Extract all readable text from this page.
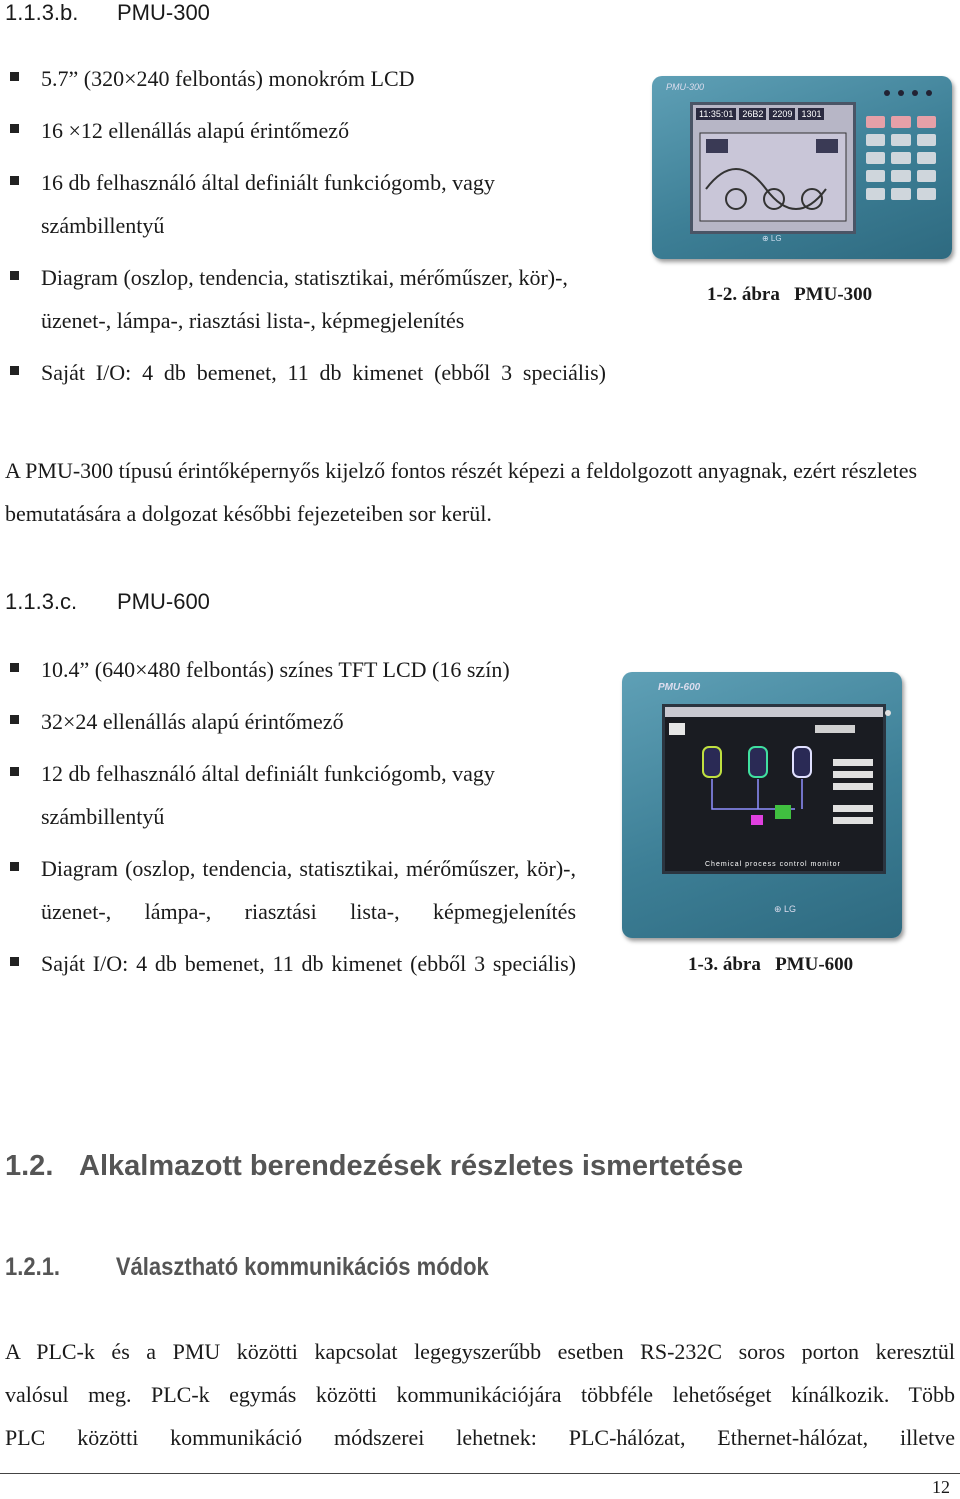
1.1.3.b. PMU-300
5.7” (320×240 felbontás) monokróm LCD
16 ×12 ellenállás alapú érintőmező
16 db felhasználó által definiált funkciógomb, vagy számbillentyű
Diagram (oszlop, tendencia, statisztikai, mérőműszer, kör)-, üzenet-, lámpa-, riasztási lista-, képmegjelenítés
Saját I/O: 4 db bemenet, 11 db kimenet (ebből 3 speciális)
PMU-300
11:35:01	26B2	2209	1301
⊕ LG
1-2. ábra   PMU-300
A PMU-300 típusú érintőképernyős kijelző fontos részét képezi a feldolgozott anyagnak, ezért részletes bemutatására a dolgozat későbbi fejezeteiben sor kerül.
1.1.3.c. PMU-600
10.4” (640×480 felbontás) színes TFT LCD (16 szín)
32×24 ellenállás alapú érintőmező
12 db felhasználó által definiált funkciógomb, vagy számbillentyű
Diagram (oszlop, tendencia, statisztikai, mérőműszer, kör)-, üzenet-, lámpa-, riasztási lista-, képmegjelenítés
Saját I/O: 4 db bemenet, 11 db kimenet (ebből 3 speciális)
PMU-600
Chemical process control monitor
⊕ LG
1-3. ábra   PMU-600
1.2. Alkalmazott berendezések részletes ismertetése
1.2.1. Választható kommunikációs módok
A PLC-k és a PMU közötti kapcsolat legegyszerűbb esetben RS-232C soros porton keresztül
valósul meg. PLC-k egymás közötti kommunikációjára többféle lehetőséget kínálkozik. Több
PLC közötti kommunikáció módszerei lehetnek: PLC-hálózat, Ethernet-hálózat, illetve
12
